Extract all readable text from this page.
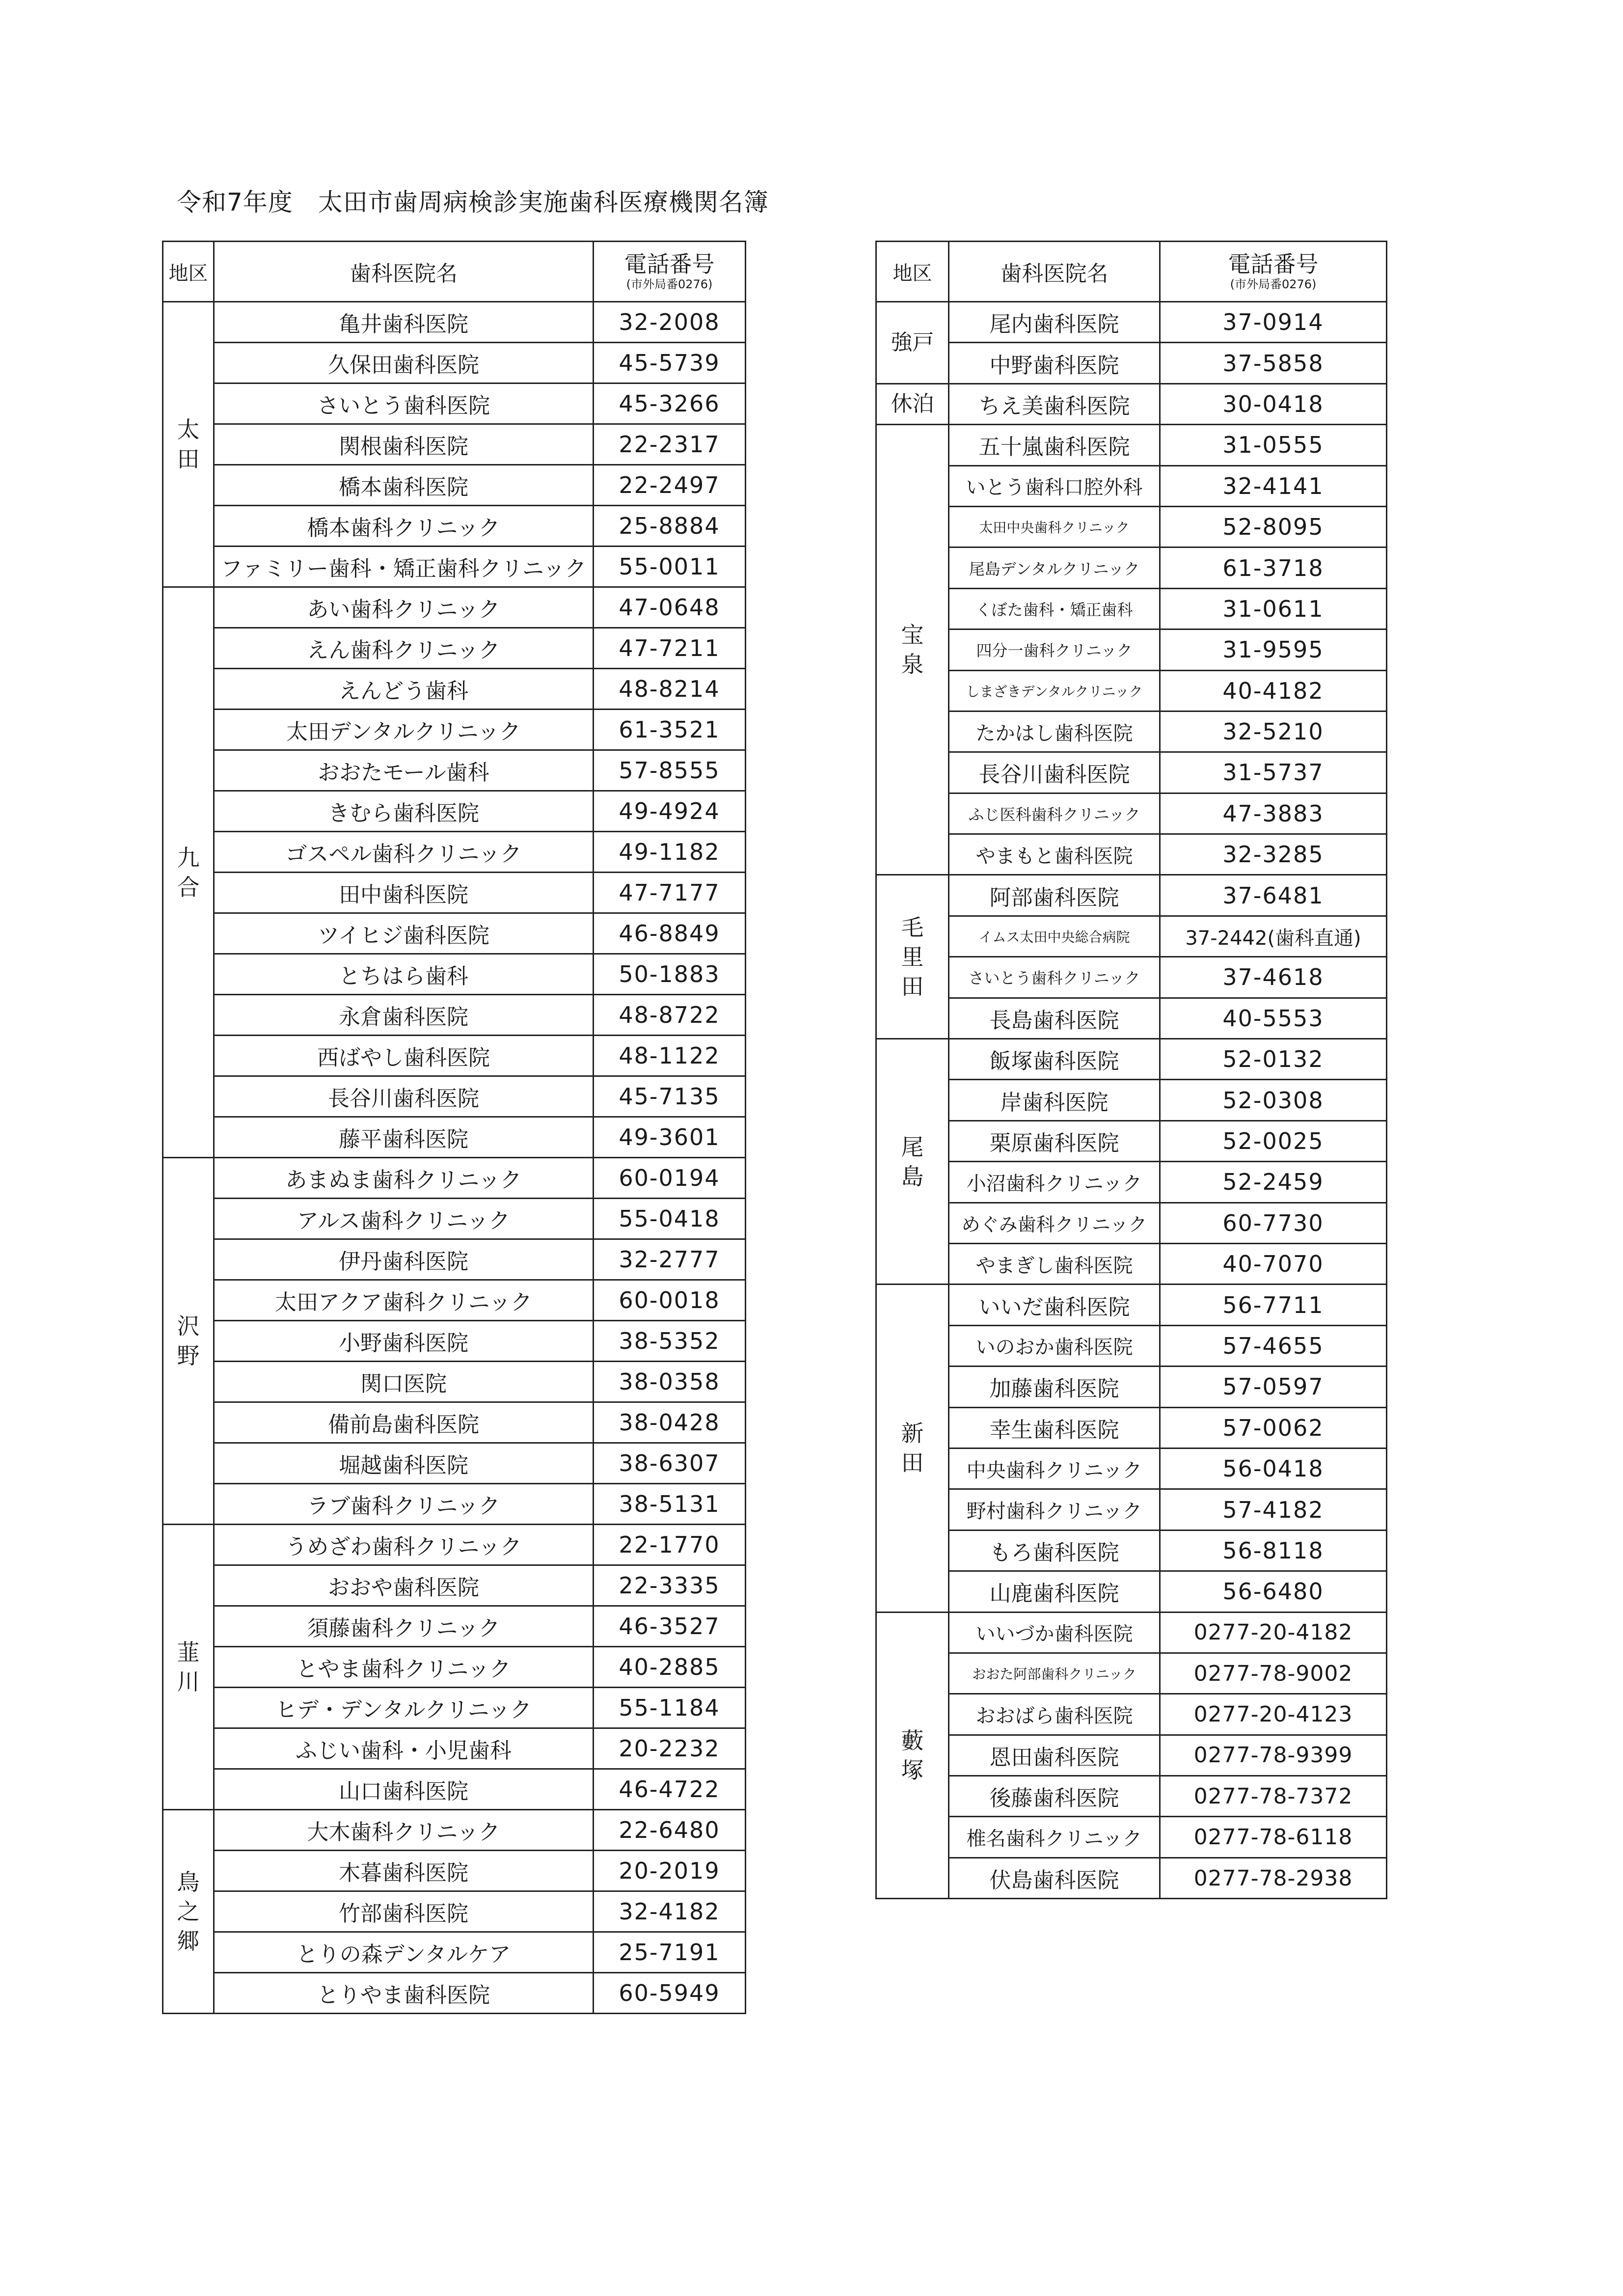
令和7年度　太田市歯周病検診実施歯科医療機関名簿
地区	歯科医院名	電話番号
(市外局番0276)

太
田	亀井歯科医院	32-2008
	久保田歯科医院	45-5739
	さいとう歯科医院	45-3266
	関根歯科医院	22-2317
	橋本歯科医院	22-2497
	橋本歯科クリニック	25-8884
	ファミリー歯科・矯正歯科クリニック	55-0011
九
合	あい歯科クリニック	47-0648
	えん歯科クリニック	47-7211
	えんどう歯科	48-8214
	太田デンタルクリニック	61-3521
	おおたモール歯科	57-8555
	きむら歯科医院	49-4924
	ゴスペル歯科クリニック	49-1182
	田中歯科医院	47-7177
	ツイヒジ歯科医院	46-8849
	とちはら歯科	50-1883
	永倉歯科医院	48-8722
	西ばやし歯科医院	48-1122
	長谷川歯科医院	45-7135
	藤平歯科医院	49-3601
沢
野	あまぬま歯科クリニック	60-0194
	アルス歯科クリニック	55-0418
	伊丹歯科医院	32-2777
	太田アクア歯科クリニック	60-0018
	小野歯科医院	38-5352
	関口医院	38-0358
	備前島歯科医院	38-0428
	堀越歯科医院	38-6307
	ラブ歯科クリニック	38-5131
韮
川	うめざわ歯科クリニック	22-1770
	おおや歯科医院	22-3335
	須藤歯科クリニック	46-3527
	とやま歯科クリニック	40-2885
	ヒデ・デンタルクリニック	55-1184
	ふじい歯科・小児歯科	20-2232
	山口歯科医院	46-4722
鳥
之
郷	大木歯科クリニック	22-6480
	木暮歯科医院	20-2019
	竹部歯科医院	32-4182
	とりの森デンタルケア	25-7191
	とりやま歯科医院	60-5949
地区	歯科医院名	電話番号
(市外局番0276)

強戸	尾内歯科医院	37-0914
	中野歯科医院	37-5858
休泊	ちえ美歯科医院	30-0418
宝
泉	五十嵐歯科医院	31-0555
	いとう歯科口腔外科	32-4141
	太田中央歯科クリニック	52-8095
	尾島デンタルクリニック	61-3718
	くぼた歯科・矯正歯科	31-0611
	四分一歯科クリニック	31-9595
	しまざきデンタルクリニック	40-4182
	たかはし歯科医院	32-5210
	長谷川歯科医院	31-5737
	ふじ医科歯科クリニック	47-3883
	やまもと歯科医院	32-3285
毛
里
田	阿部歯科医院	37-6481
	イムス太田中央総合病院	37-2442(歯科直通)
	さいとう歯科クリニック	37-4618
	長島歯科医院	40-5553
尾
島	飯塚歯科医院	52-0132
	岸歯科医院	52-0308
	栗原歯科医院	52-0025
	小沼歯科クリニック	52-2459
	めぐみ歯科クリニック	60-7730
	やまぎし歯科医院	40-7070
新
田	いいだ歯科医院	56-7711
	いのおか歯科医院	57-4655
	加藤歯科医院	57-0597
	幸生歯科医院	57-0062
	中央歯科クリニック	56-0418
	野村歯科クリニック	57-4182
	もろ歯科医院	56-8118
	山鹿歯科医院	56-6480
藪
塚	いいづか歯科医院	0277-20-4182
	おおた阿部歯科クリニック	0277-78-9002
	おおばら歯科医院	0277-20-4123
	恩田歯科医院	0277-78-9399
	後藤歯科医院	0277-78-7372
	椎名歯科クリニック	0277-78-6118
	伏島歯科医院	0277-78-2938
